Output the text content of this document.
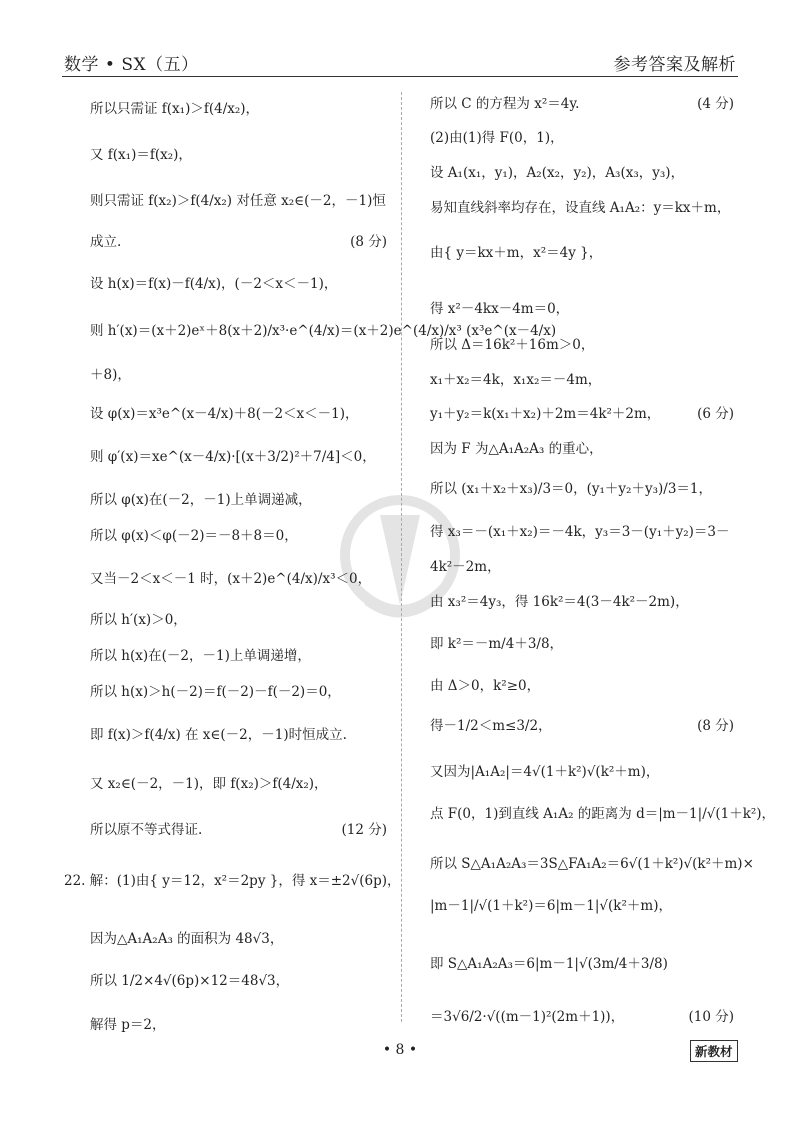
数学 • SX（五）	参考答案及解析
所以只需证 f(x₁)＞f(4/x₂)，
又 f(x₁)＝f(x₂)，
则只需证 f(x₂)＞f(4/x₂) 对任意 x₂∈(－2，－1)恒
成立.	(8 分)
设 h(x)＝f(x)－f(4/x)，(－2＜x＜－1)，
则 h′(x)＝(x＋2)eˣ＋8(x＋2)/x³·e^(4/x)＝(x＋2)e^(4/x)/x³ (x³e^(x－4/x)
＋8)，
设 φ(x)＝x³e^(x－4/x)＋8(－2＜x＜－1)，
则 φ′(x)＝xe^(x－4/x)·[(x＋3/2)²＋7/4]＜0，
所以 φ(x)在(－2，－1)上单调递减，
所以 φ(x)＜φ(－2)＝－8＋8＝0，
又当－2＜x＜－1 时，(x＋2)e^(4/x)/x³＜0，
所以 h′(x)＞0，
所以 h(x)在(－2，－1)上单调递增，
所以 h(x)＞h(－2)＝f(－2)－f(－2)＝0，
即 f(x)＞f(4/x) 在 x∈(－2，－1)时恒成立.
又 x₂∈(－2，－1)，即 f(x₂)＞f(4/x₂)，
所以原不等式得证.	(12 分)
22. 解：(1)由{ y＝12，x²＝2py }，得 x＝±2√(6p)，
因为△A₁A₂A₃ 的面积为 48√3，
所以 1/2×4√(6p)×12＝48√3，
解得 p＝2，
所以 C 的方程为 x²＝4y.	(4 分)
(2)由(1)得 F(0，1)，
设 A₁(x₁，y₁)，A₂(x₂，y₂)，A₃(x₃，y₃)，
易知直线斜率均存在，设直线 A₁A₂：y＝kx＋m，
由{ y＝kx＋m，x²＝4y }，
得 x²－4kx－4m＝0，
所以 Δ＝16k²＋16m＞0，
x₁＋x₂＝4k，x₁x₂＝－4m，
y₁＋y₂＝k(x₁＋x₂)＋2m＝4k²＋2m，	(6 分)
因为 F 为△A₁A₂A₃ 的重心，
所以 (x₁＋x₂＋x₃)/3＝0，(y₁＋y₂＋y₃)/3＝1，
得 x₃＝－(x₁＋x₂)＝－4k，y₃＝3－(y₁＋y₂)＝3－
4k²－2m，
由 x₃²＝4y₃，得 16k²＝4(3－4k²－2m)，
即 k²＝－m/4＋3/8，
由 Δ＞0，k²≥0，
得－1/2＜m≤3/2，	(8 分)
又因为|A₁A₂|＝4√(1＋k²)√(k²＋m)，
点 F(0，1)到直线 A₁A₂ 的距离为 d＝|m－1|/√(1＋k²)，
所以 S△A₁A₂A₃＝3S△FA₁A₂＝6√(1＋k²)√(k²＋m)×
|m－1|/√(1＋k²)＝6|m－1|√(k²＋m)，
即 S△A₁A₂A₃＝6|m－1|√(3m/4＋3/8)
＝3√6/2·√((m－1)²(2m＋1))，	(10 分)
• 8 •	新教材
